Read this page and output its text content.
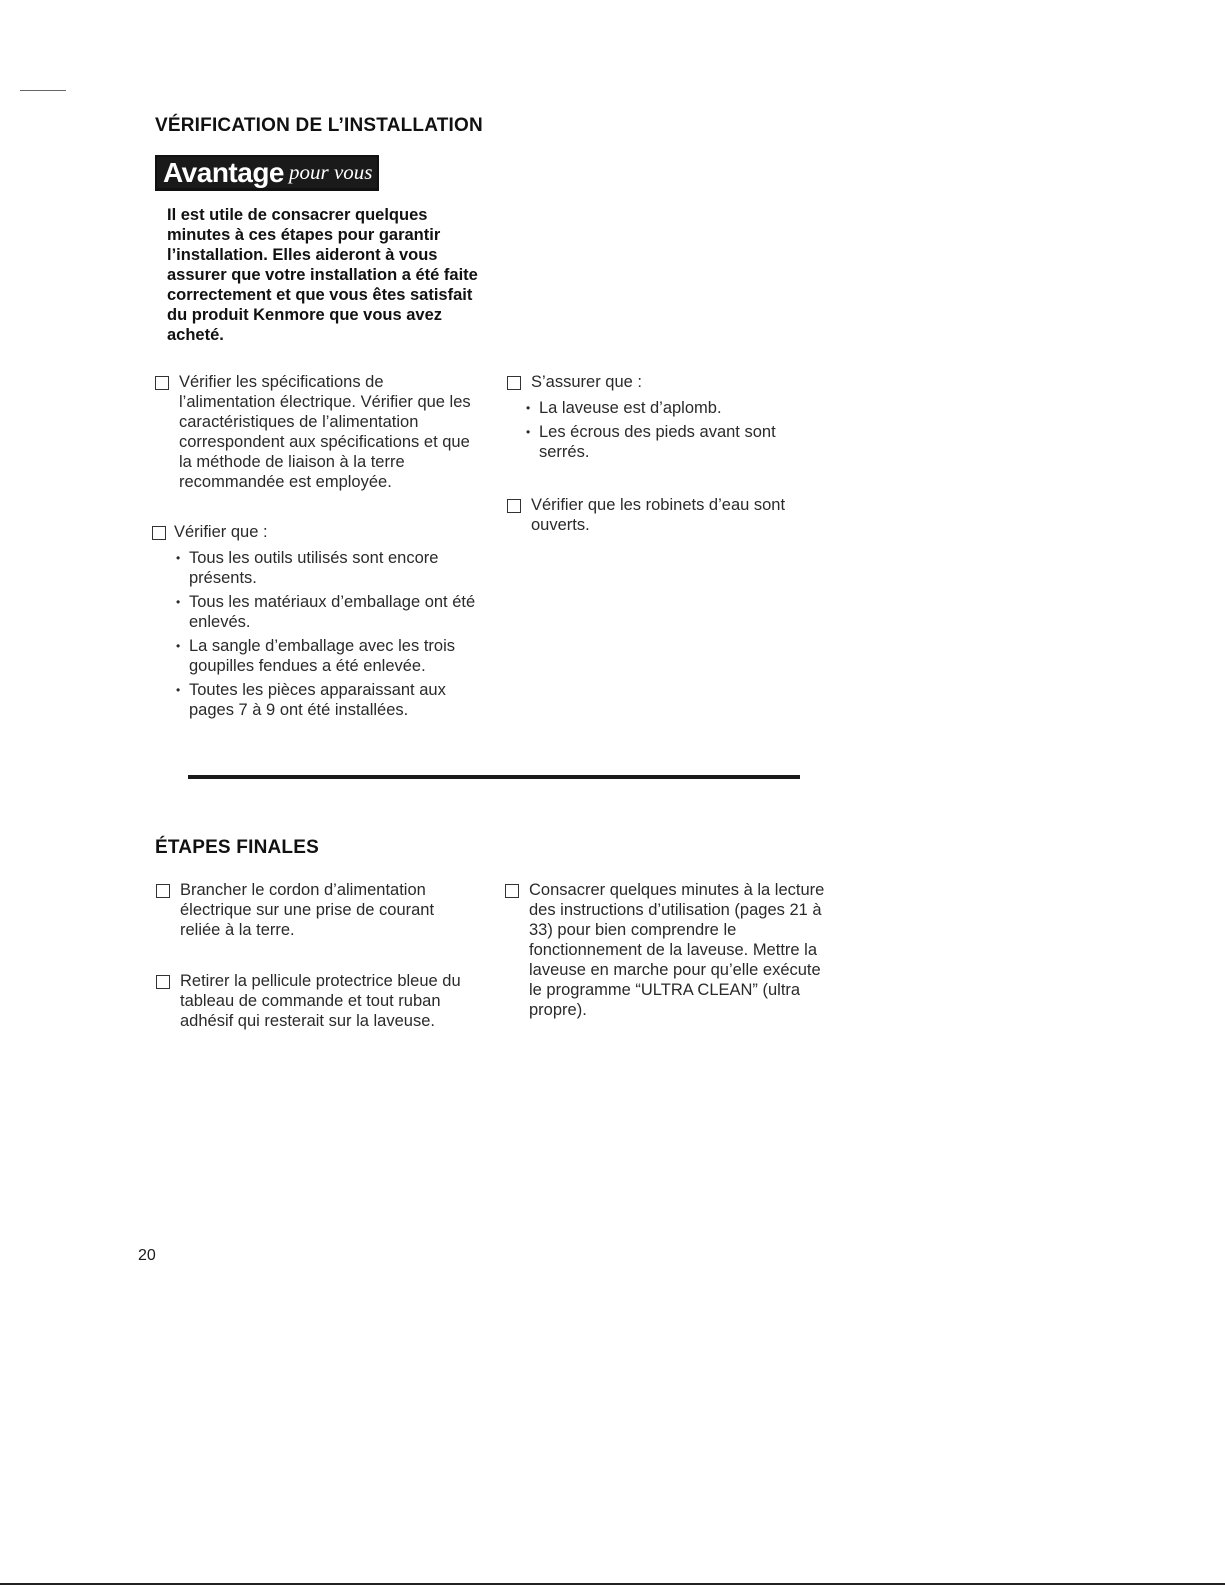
VÉRIFICATION DE L’INSTALLATION
Avantage pour vous

Il est utile de consacrer quelques minutes à ces étapes pour garantir l’installation. Elles aideront à vous assurer que votre installation a été faite correctement et que vous êtes satisfait du produit Kenmore que vous avez acheté.

Vérifier les spécifications de l’alimentation électrique. Vérifier que les caractéristiques de l’alimentation correspondent aux spécifications et que la méthode de liaison à la terre recommandée est employée.

Vérifier que :

• Tous les outils utilisés sont encore présents.
• Tous les matériaux d’emballage ont été enlevés.
• La sangle d’emballage avec les trois goupilles fendues a été enlevée.
• Toutes les pièces apparaissant aux pages 7 à 9 ont été installées.

S’assurer que :

• La laveuse est d’aplomb.
• Les écrous des pieds avant sont serrés.

Vérifier que les robinets d’eau sont ouverts.

ÉTAPES FINALES

Brancher le cordon d’alimentation électrique sur une prise de courant reliée à la terre.

Retirer la pellicule protectrice bleue du tableau de commande et tout ruban adhésif qui resterait sur la laveuse.

Consacrer quelques minutes à la lecture des instructions d’utilisation (pages 21 à 33) pour bien comprendre le fonctionnement de la laveuse. Mettre la laveuse en marche pour qu’elle exécute le programme “ULTRA CLEAN” (ultra propre).

20
